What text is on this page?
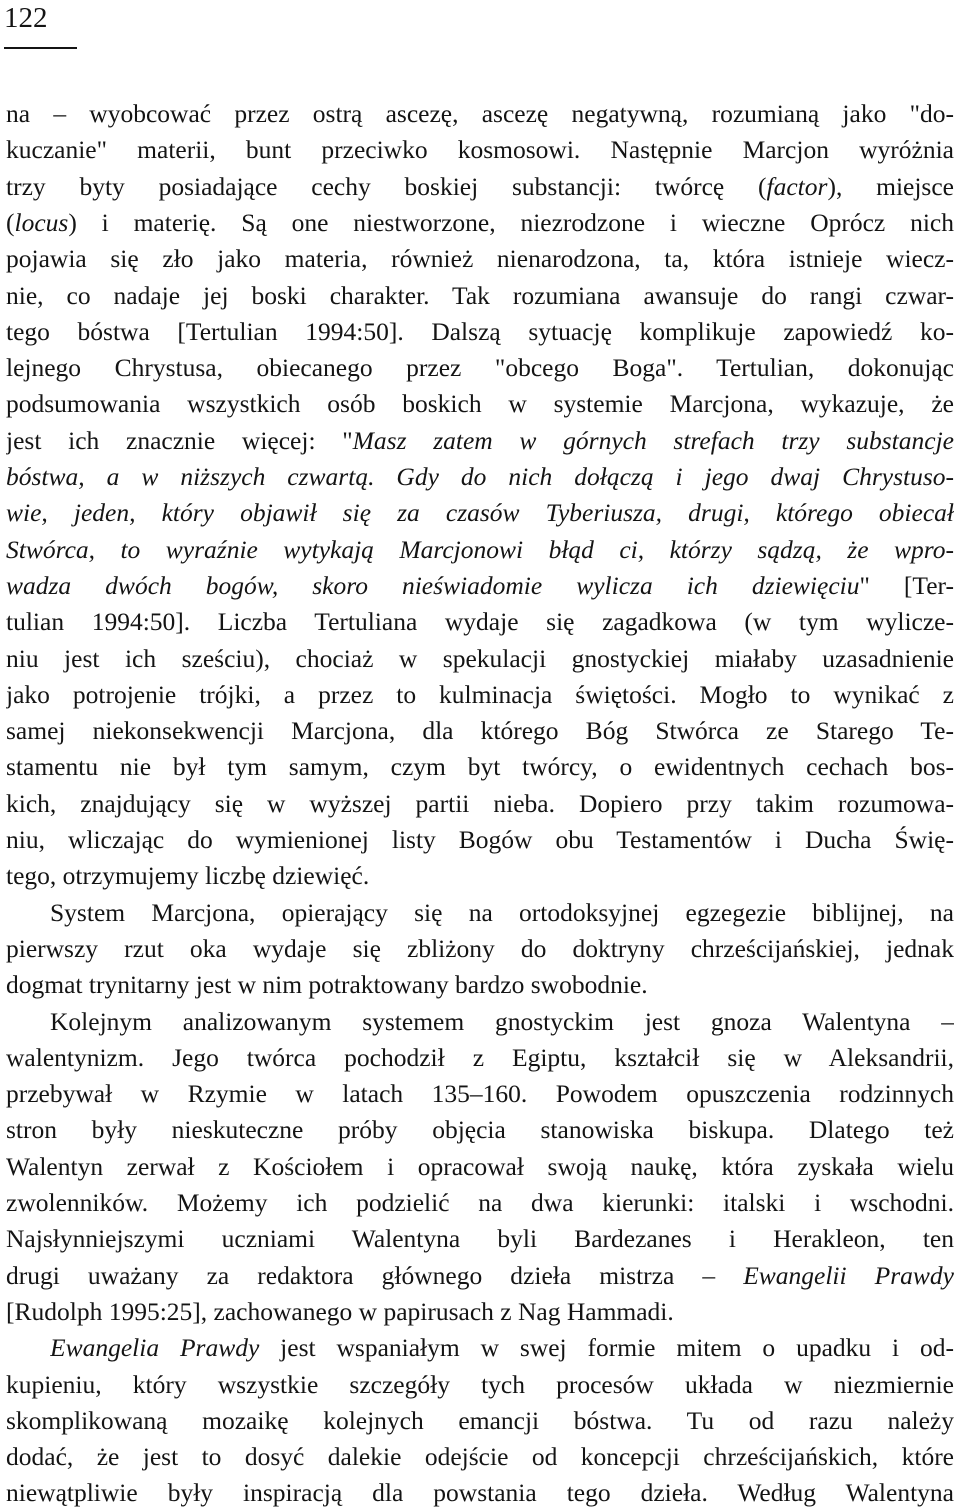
122
na – wyobcować przez ostrą ascezę, ascezę negatywną, rozumianą jako "do-
kuczanie" materii, bunt przeciwko kosmosowi. Następnie Marcjon wyróżnia
trzy byty posiadające cechy boskiej substancji: twórcę (factor), miejsce
(locus) i materię. Są one niestworzone, niezrodzone i wieczne Oprócz nich
pojawia się zło jako materia, również nienarodzona, ta, która istnieje wiecz-
nie, co nadaje jej boski charakter. Tak rozumiana awansuje do rangi czwar-
tego bóstwa [Tertulian 1994:50]. Dalszą sytuację komplikuje zapowiedź ko-
lejnego Chrystusa, obiecanego przez "obcego Boga". Tertulian, dokonując
podsumowania wszystkich osób boskich w systemie Marcjona, wykazuje, że
jest ich znacznie więcej: "Masz zatem w górnych strefach trzy substancje
bóstwa, a w niższych czwartą. Gdy do nich dołączą i jego dwaj Chrystuso-
wie, jeden, który objawił się za czasów Tyberiusza, drugi, którego obiecał
Stwórca, to wyraźnie wytykają Marcjonowi błąd ci, którzy sądzą, że wpro-
wadza dwóch bogów, skoro nieświadomie wylicza ich dziewięciu" [Ter-
tulian 1994:50]. Liczba Tertuliana wydaje się zagadkowa (w tym wylicze-
niu jest ich sześciu), chociaż w spekulacji gnostyckiej miałaby uzasadnienie
jako potrojenie trójki, a przez to kulminacja świętości. Mogło to wynikać z
samej niekonsekwencji Marcjona, dla którego Bóg Stwórca ze Starego Te-
stamentu nie był tym samym, czym byt twórcy, o ewidentnych cechach bos-
kich, znajdujący się w wyższej partii nieba. Dopiero przy takim rozumowa-
niu, wliczając do wymienionej listy Bogów obu Testamentów i Ducha Świę-
tego, otrzymujemy liczbę dziewięć.
System Marcjona, opierający się na ortodoksyjnej egzegezie biblijnej, na
pierwszy rzut oka wydaje się zbliżony do doktryny chrześcijańskiej, jednak
dogmat trynitarny jest w nim potraktowany bardzo swobodnie.
Kolejnym analizowanym systemem gnostyckim jest gnoza Walentyna –
walentynizm. Jego twórca pochodził z Egiptu, kształcił się w Aleksandrii,
przebywał w Rzymie w latach 135–160. Powodem opuszczenia rodzinnych
stron były nieskuteczne próby objęcia stanowiska biskupa. Dlatego też
Walentyn zerwał z Kościołem i opracował swoją naukę, która zyskała wielu
zwolenników. Możemy ich podzielić na dwa kierunki: italski i wschodni.
Najsłynniejszymi uczniami Walentyna byli Bardezanes i Herakleon, ten
drugi uważany za redaktora głównego dzieła mistrza – Ewangelii Prawdy
[Rudolph 1995:25], zachowanego w papirusach z Nag Hammadi.
Ewangelia Prawdy jest wspaniałym w swej formie mitem o upadku i od-
kupieniu, który wszystkie szczegóły tych procesów układa w niezmiernie
skomplikowaną mozaikę kolejnych emancji bóstwa. Tu od razu należy
dodać, że jest to dosyć dalekie odejście od koncepcji chrześcijańskich, które
niewątpliwie były inspiracją dla powstania tego dzieła. Według Walentyna
